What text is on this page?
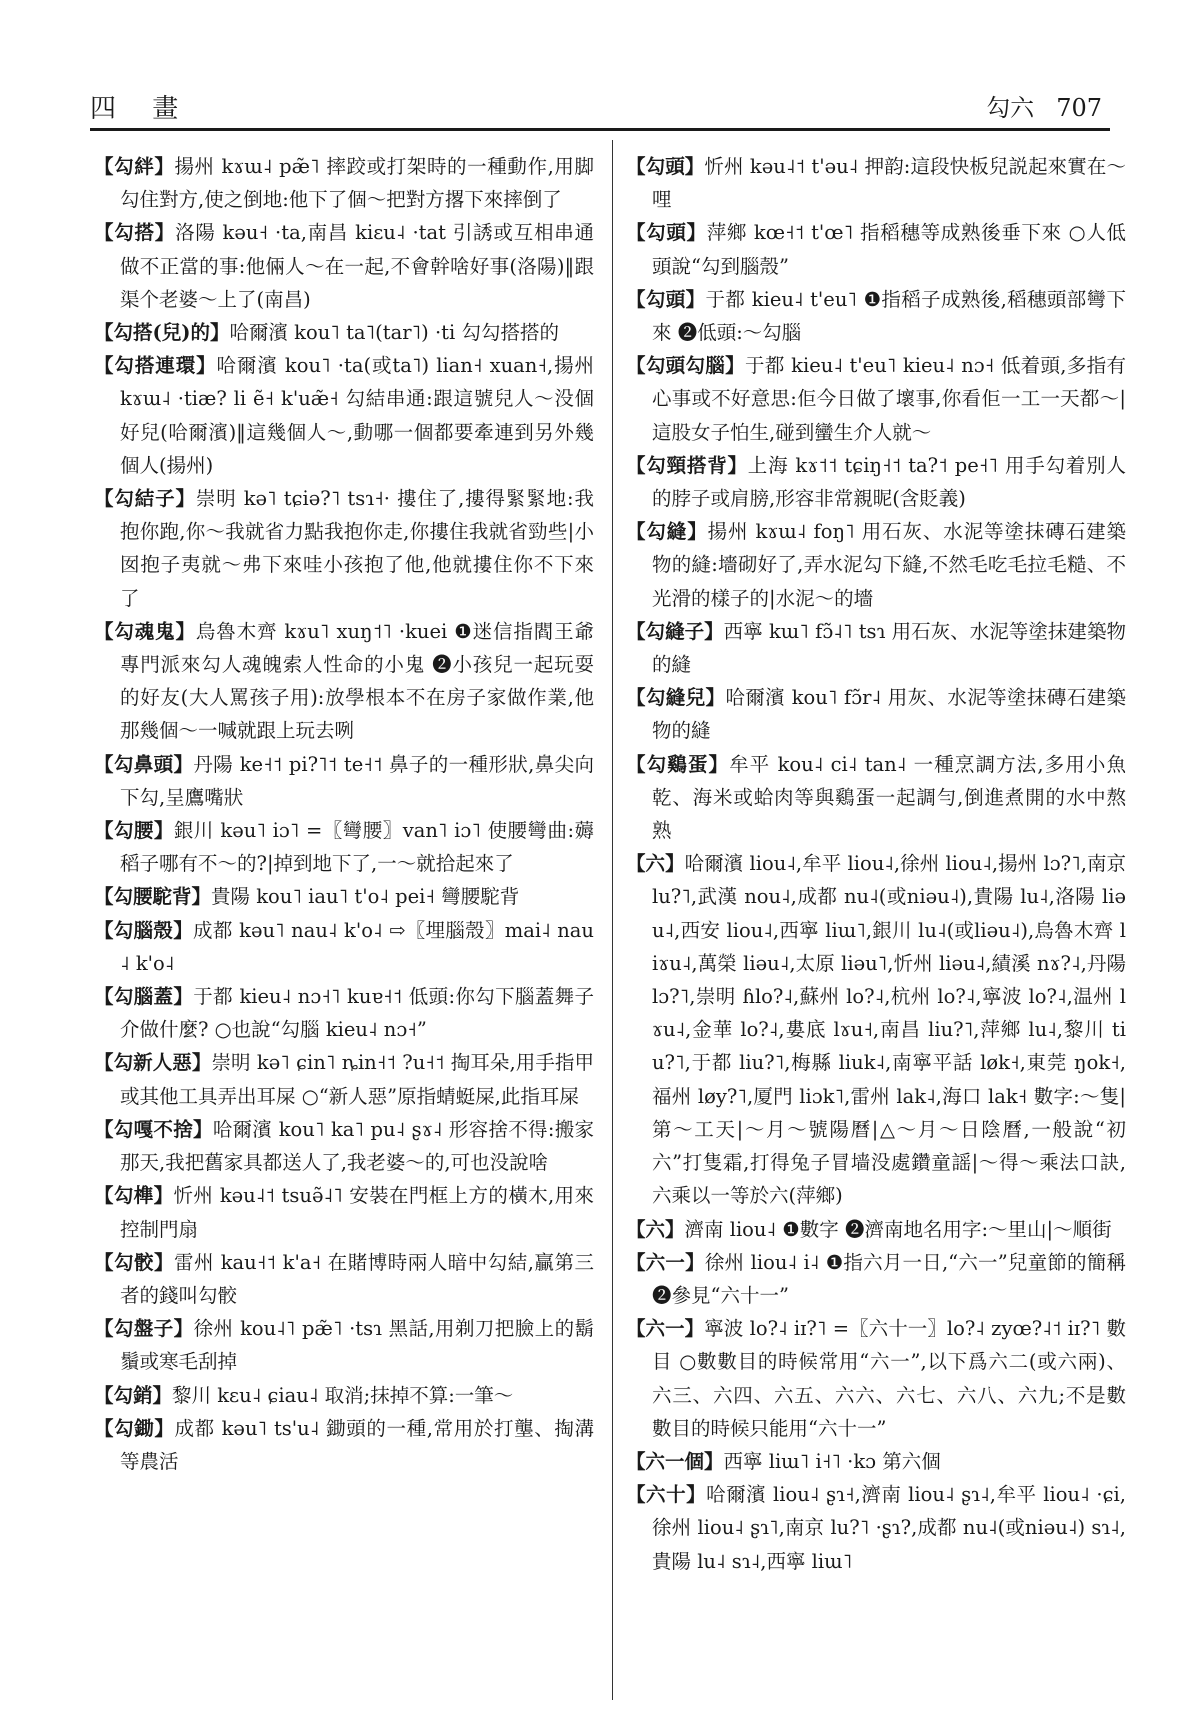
四 畫	勾六 707
【勾絆】揚州 kɤɯ˨ pæ̃˥ 摔跤或打架時的一種動作,用脚勾住對方,使之倒地:他下了個～把對方撂下來摔倒了
【勾搭】洛陽 kəu˧ ·ta,南昌 kiɛu˨ ·tat 引誘或互相串通做不正當的事:他倆人～在一起,不會幹啥好事(洛陽)‖跟渠个老婆～上了(南昌)
【勾搭(兒)的】哈爾濱 kou˥ ta˥(tar˥) ·ti 勾勾搭搭的
【勾搭連環】哈爾濱 kou˥ ·ta(或ta˥) lian˧ xuan˧,揚州 kɤɯ˨ ·tiæ? li ẽ˧ k'uæ̃˧ 勾結串通:跟這號兒人～没個好兒(哈爾濱)‖這幾個人～,動哪一個都要牽連到另外幾個人(揚州)
【勾結子】崇明 kə˥ tɕiə?˥ tsɿ˧· 摟住了,摟得緊緊地:我抱你跑,你～我就省力點我抱你走,你摟住我就省勁些|小囡抱子夷就～弗下來哇小孩抱了他,他就摟住你不下來了
【勾魂鬼】烏魯木齊 kɤu˥ xuŋ˦˥ ·kuei ❶迷信指閻王爺專門派來勾人魂魄索人性命的小鬼 ❷小孩兒一起玩耍的好友(大人罵孩子用):放學根本不在房子家做作業,他那幾個～一喊就跟上玩去咧
【勾鼻頭】丹陽 ke˧˦ pi?˥˦ te˧˦ 鼻子的一種形狀,鼻尖向下勾,呈鷹嘴狀
【勾腰】銀川 kəu˥ iɔ˥ =〖彎腰〗van˥ iɔ˥ 使腰彎曲:薅稻子哪有不～的?|掉到地下了,一～就拾起來了
【勾腰駝背】貴陽 kou˥ iau˥ t'o˨ pei˧ 彎腰駝背
【勾腦殼】成都 kəu˥ nau˨ k'o˨ ⇨〖埋腦殼〗mai˨ nau˨ k'o˨
【勾腦蓋】于都 kieu˨ nɔ˧˥ kuɐ˧˦ 低頭:你勾下腦蓋舞子介做什麼? ○也說“勾腦 kieu˨ nɔ˧”
【勾新人惡】崇明 kə˥ ɕin˥ ȵin˧˦ ?u˧˦ 掏耳朵,用手指甲或其他工具弄出耳屎 ○“新人惡”原指蜻蜓屎,此指耳屎
【勾嘎不捨】哈爾濱 kou˥ ka˥ pu˨ ʂɤ˨ 形容捨不得:搬家那天,我把舊家具都送人了,我老婆～的,可也没說啥
【勾榫】忻州 kəu˨˦ tsuə̃˨˥ 安裝在門框上方的橫木,用來控制門扇
【勾骹】雷州 kau˧˦ k'a˧ 在賭博時兩人暗中勾結,贏第三者的錢叫勾骹
【勾盤子】徐州 kou˨˥ pæ̃˥ ·tsɿ 黑話,用剃刀把臉上的鬍鬚或寒毛刮掉
【勾銷】黎川 kɛu˨ ɕiau˨ 取消;抹掉不算:一筆～
【勾鋤】成都 kəu˥ ts'u˨ 鋤頭的一種,常用於打壟、掏溝等農活
【勾頭】忻州 kəu˨˦ t'əu˨ 押韵:這段快板兒説起來實在～哩
【勾頭】萍鄉 kœ˧˦ t'œ˥ 指稻穗等成熟後垂下來 ○人低頭說“勾到腦殼”
【勾頭】于都 kieu˨ t'eu˥ ❶指稻子成熟後,稻穗頭部彎下來 ❷低頭:～勾腦
【勾頭勾腦】于都 kieu˨ t'eu˥ kieu˨ nɔ˧ 低着頭,多指有心事或不好意思:佢今日做了壞事,你看佢一工一天都～|這股女子怕生,碰到蠻生介人就～
【勾頸搭背】上海 kɤ˦˦ tɕiŋ˧˦ ta?˦ pe˧˥ 用手勾着別人的脖子或肩膀,形容非常親昵(含貶義)
【勾縫】揚州 kɤɯ˨ foŋ˥ 用石灰、水泥等塗抹磚石建築物的縫:墻砌好了,弄水泥勾下縫,不然毛吃毛拉毛糙、不光滑的樣子的|水泥～的墻
【勾縫子】西寧 kɯ˥ fɔ̃˨˥ tsɿ 用石灰、水泥等塗抹建築物的縫
【勾縫兒】哈爾濱 kou˥ fɔ̃r˨ 用灰、水泥等塗抹磚石建築物的縫
【勾鷄蛋】牟平 kou˨ ci˨ tan˨ 一種烹調方法,多用小魚乾、海米或蛤肉等與鷄蛋一起調勻,倒進煮開的水中熬熟
【六】哈爾濱 liou˨,牟平 liou˨,徐州 liou˨,揚州 lɔ?˥,南京 lu?˥,武漢 nou˨,成都 nu˨(或niəu˨),貴陽 lu˨,洛陽 liəu˨,西安 liou˨,西寧 liɯ˥,銀川 lu˨(或liəu˨),烏魯木齊 liɤu˨,萬榮 liəu˨,太原 liəu˥,忻州 liəu˨,績溪 nɤ?˨,丹陽 lɔ?˥,崇明 ɦlo?˨,蘇州 lo?˨,杭州 lo?˨,寧波 lo?˨,温州 lɤu˨,金華 lo?˨,婁底 lɤu˧,南昌 liu?˥,萍鄉 lu˨,黎川 tiu?˥,于都 liu?˥,梅縣 liuk˨,南寧平話 løk˧,東莞 ŋok˧,福州 løy?˥,厦門 liɔk˥,雷州 lak˨,海口 lak˧ 數字:～隻|第～工天|～月～號陽曆|△～月～日陰曆,一般說“初六”打隻霜,打得兔子冒墙没處鑽童謡|～得～乘法口訣,六乘以一等於六(萍鄉)
【六】濟南 liou˨ ❶數字 ❷濟南地名用字:～里山|～順街
【六一】徐州 liou˨ i˨ ❶指六月一日,“六一”兒童節的簡稱 ❷參見“六十一”
【六一】寧波 lo?˨ iɪ?˥ =〖六十一〗lo?˨ zyœ?˨˦ iɪ?˥ 數目 ○數數目的時候常用“六一”,以下爲六二(或六兩)、六三、六四、六五、六六、六七、六八、六九;不是數數目的時候只能用“六十一”
【六一個】西寧 liɯ˥ i˧˥ ·kɔ 第六個
【六十】哈爾濱 liou˨ ʂɿ˧,濟南 liou˨ ʂɿ˨,牟平 liou˨ ·ɕi,徐州 liou˨ ʂɿ˥,南京 lu?˥ ·ʂɿ?,成都 nu˨(或niəu˨) sɿ˨,貴陽 lu˨ sɿ˨,西寧 liɯ˥
